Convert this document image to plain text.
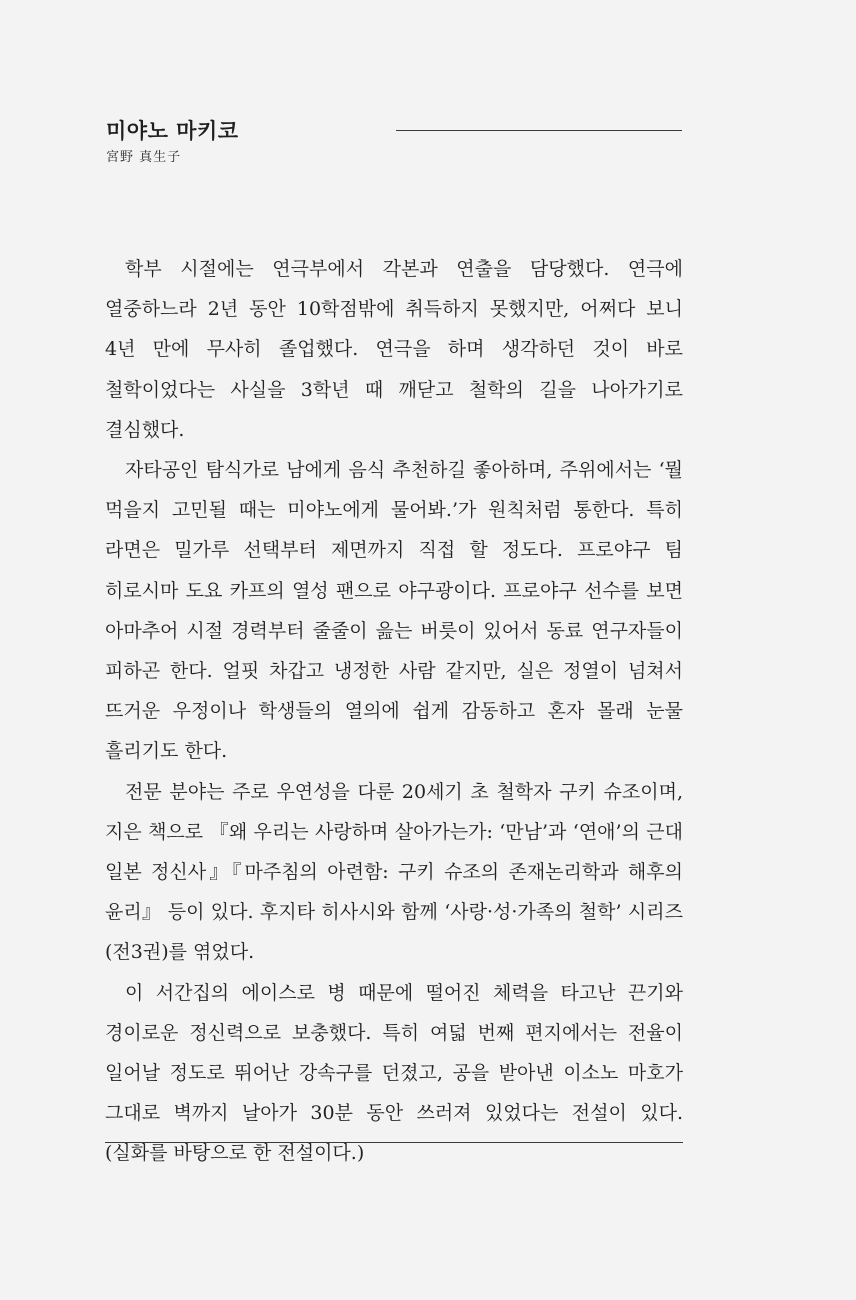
미야노 마키코
宮野 真生子

학부 시절에는 연극부에서 각본과 연출을 담당했다. 연극에 열중하느라 2년 동안 10학점밖에 취득하지 못했지만, 어쩌다 보니 4년 만에 무사히 졸업했다. 연극을 하며 생각하던 것이 바로 철학이었다는 사실을 3학년 때 깨닫고 철학의 길을 나아가기로 결심했다.

자타공인 탐식가로 남에게 음식 추천하길 좋아하며, 주위에서는 ‘뭘 먹을지 고민될 때는 미야노에게 물어봐.’가 원칙처럼 통한다. 특히 라면은 밀가루 선택부터 제면까지 직접 할 정도다. 프로야구 팀 히로시마 도요 카프의 열성 팬으로 야구광이다. 프로야구 선수를 보면 아마추어 시절 경력부터 줄줄이 읊는 버릇이 있어서 동료 연구자들이 피하곤 한다. 얼핏 차갑고 냉정한 사람 같지만, 실은 정열이 넘쳐서 뜨거운 우정이나 학생들의 열의에 쉽게 감동하고 혼자 몰래 눈물 흘리기도 한다.

전문 분야는 주로 우연성을 다룬 20세기 초 철학자 구키 슈조이며, 지은 책으로 『왜 우리는 사랑하며 살아가는가: ‘만남’과 ‘연애’의 근대 일본 정신사』『마주침의 아련함: 구키 슈조의 존재논리학과 해후의 윤리』 등이 있다. 후지타 히사시와 함께 ‘사랑·성·가족의 철학’ 시리즈(전3권)를 엮었다.

이 서간집의 에이스로 병 때문에 떨어진 체력을 타고난 끈기와 경이로운 정신력으로 보충했다. 특히 여덟 번째 편지에서는 전율이 일어날 정도로 뛰어난 강속구를 던졌고, 공을 받아낸 이소노 마호가 그대로 벽까지 날아가 30분 동안 쓰러져 있었다는 전설이 있다. (실화를 바탕으로 한 전설이다.)
